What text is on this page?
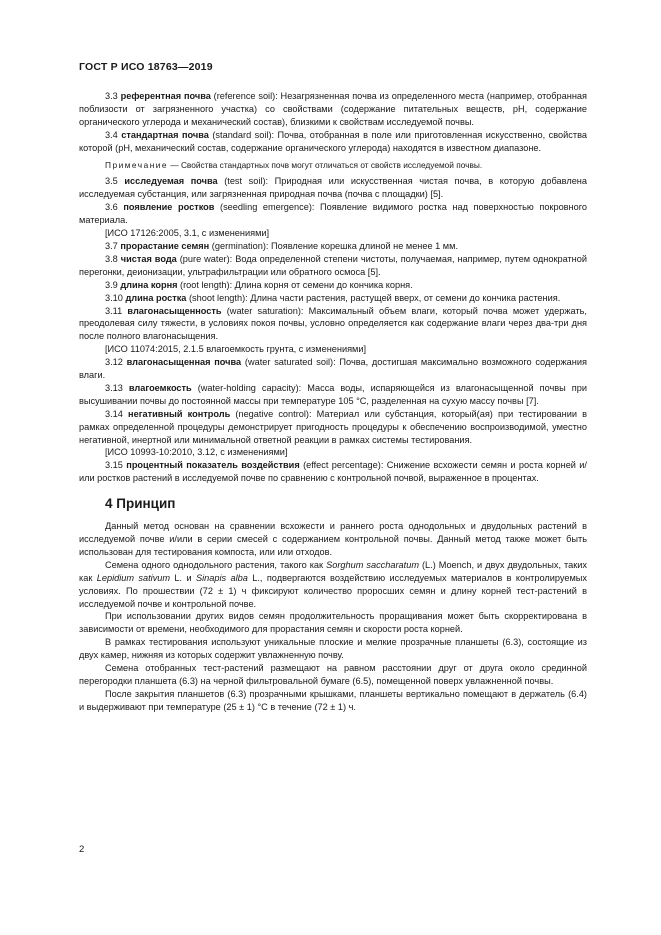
ГОСТ Р ИСО 18763—2019

3.3 референтная почва (reference soil): Незагрязненная почва из определенного места (например, отобранная поблизости от загрязненного участка) со свойствами (содержание питательных веществ, pH, содержание органического углерода и механический состав), близкими к свойствам исследуемой почвы.

3.4 стандартная почва (standard soil): Почва, отобранная в поле или приготовленная искусственно, свойства которой (pH, механический состав, содержание органического углерода) находятся в известном диапазоне.

Примечание — Свойства стандартных почв могут отличаться от свойств исследуемой почвы.

3.5 исследуемая почва (test soil): Природная или искусственная чистая почва, в которую добавлена исследуемая субстанция, или загрязненная природная почва (почва с площадки) [5].

3.6 появление ростков (seedling emergence): Появление видимого ростка над поверхностью покровного материала.

[ИСО 17126:2005, 3.1, с изменениями]

3.7 прорастание семян (germination): Появление корешка длиной не менее 1 мм.

3.8 чистая вода (pure water): Вода определенной степени чистоты, получаемая, например, путем однократной перегонки, деионизации, ультрафильтрации или обратного осмоса [5].

3.9 длина корня (root length): Длина корня от семени до кончика корня.

3.10 длина ростка (shoot length): Длина части растения, растущей вверх, от семени до кончика растения.

3.11 влагонасыщенность (water saturation): Максимальный объем влаги, который почва может удержать, преодолевая силу тяжести, в условиях покоя почвы, условно определяется как содержание влаги через два-три дня после полного влагонасыщения.

[ИСО 11074:2015, 2.1.5 влагоемкость грунта, с изменениями]

3.12 влагонасыщенная почва (water saturated soil): Почва, достигшая максимально возможного содержания влаги.

3.13 влагоемкость (water-holding capacity): Масса воды, испаряющейся из влагонасыщенной почвы при высушивании почвы до постоянной массы при температуре 105 °С, разделенная на сухую массу почвы [7].

3.14 негативный контроль (negative control): Материал или субстанция, который(ая) при тестировании в рамках определенной процедуры демонстрирует пригодность процедуры к обеспечению воспроизводимой, уместно негативной, инертной или минимальной ответной реакции в рамках системы тестирования.

[ИСО 10993-10:2010, 3.12, с изменениями]

3.15 процентный показатель воздействия (effect percentage): Снижение всхожести семян и роста корней и/или ростков растений в исследуемой почве по сравнению с контрольной почвой, выраженное в процентах.

4 Принцип

Данный метод основан на сравнении всхожести и раннего роста однодольных и двудольных растений в исследуемой почве и/или в серии смесей с содержанием контрольной почвы. Данный метод также может быть использован для тестирования компоста, или или отходов.

Семена одного однодольного растения, такого как Sorghum saccharatum (L.) Moench, и двух двудольных, таких как Lepidium sativum L. и Sinapis alba L., подвергаются воздействию исследуемых материалов в контролируемых условиях. По прошествии (72 ± 1) ч фиксируют количество проросших семян и длину корней тест-растений в исследуемой почве и контрольной почве.

При использовании других видов семян продолжительность проращивания может быть скорректирована в зависимости от времени, необходимого для прорастания семян и скорости роста корней.

В рамках тестирования используют уникальные плоские и мелкие прозрачные планшеты (6.3), состоящие из двух камер, нижняя из которых содержит увлажненную почву.

Семена отобранных тест-растений размещают на равном расстоянии друг от друга около срединной перегородки планшета (6.3) на черной фильтровальной бумаге (6.5), помещенной поверх увлажненной почвы.

После закрытия планшетов (6.3) прозрачными крышками, планшеты вертикально помещают в держатель (6.4) и выдерживают при температуре (25 ± 1) °С в течение (72 ± 1) ч.

2
